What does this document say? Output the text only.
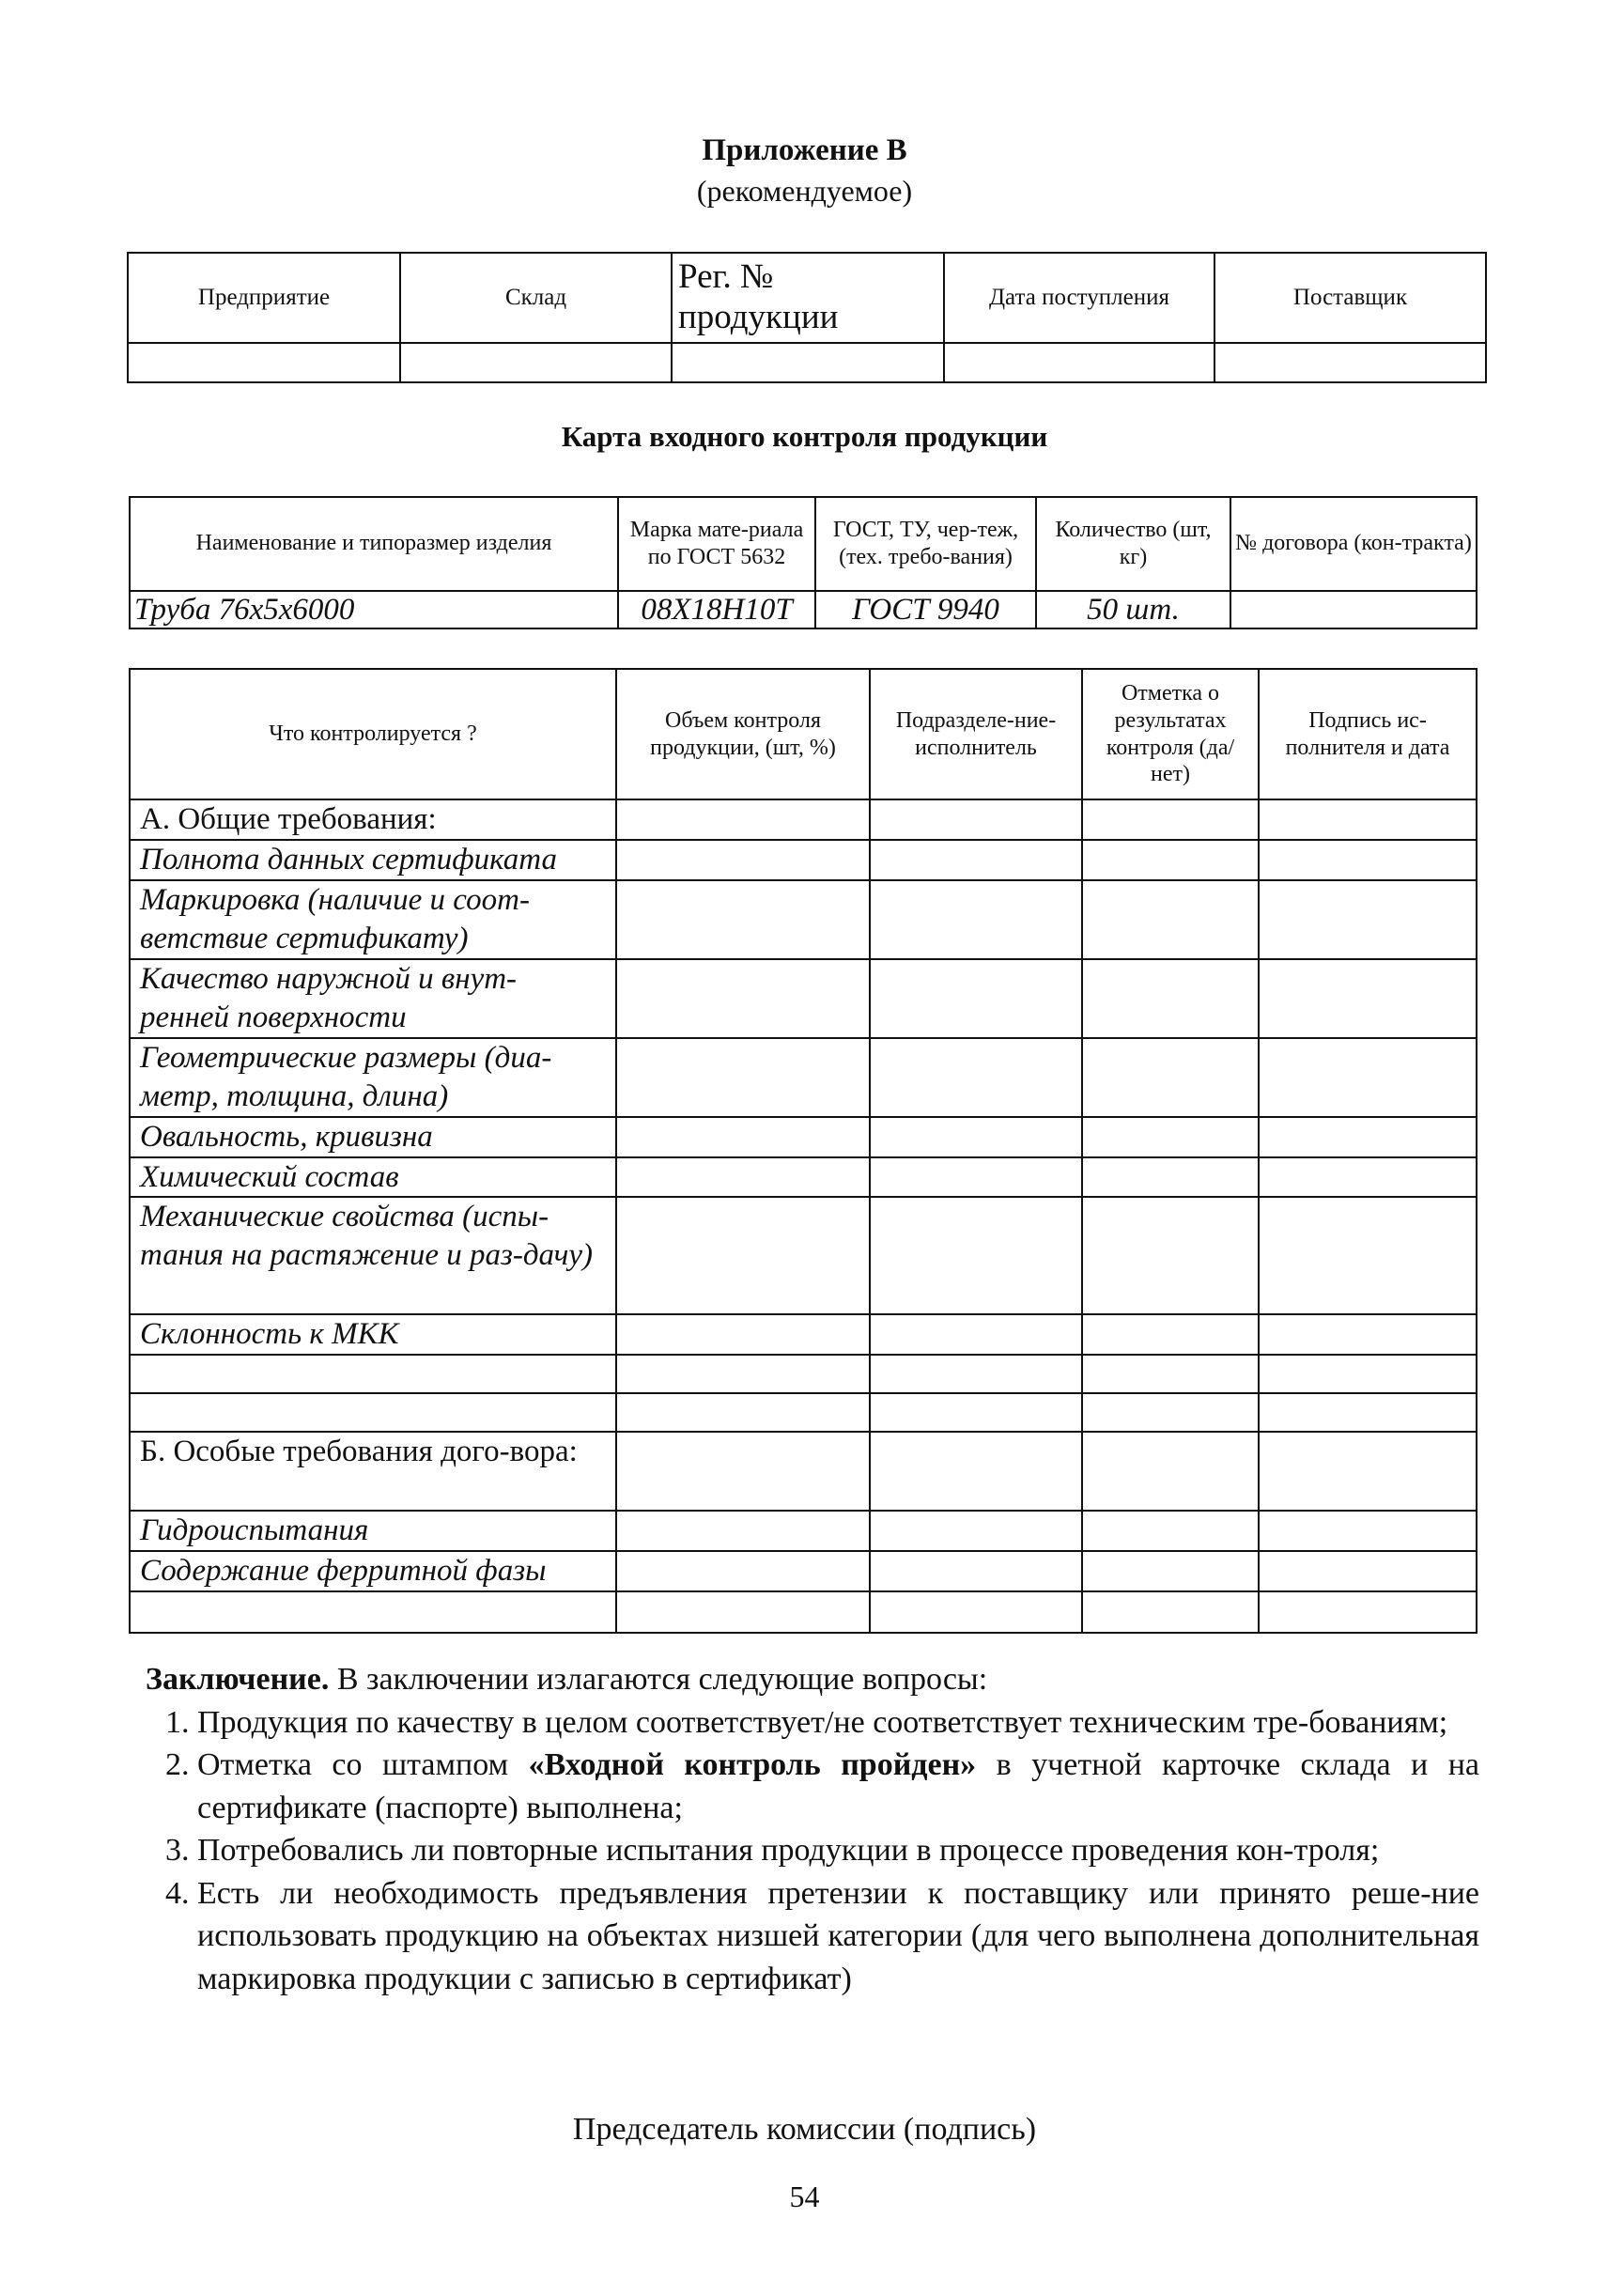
Приложение В
(рекомендуемое)
Предприятие	Склад	Рег. № продукции	Дата поступления	Поставщик

Карта входного контроля продукции
Наименование и типоразмер изделия	Марка мате-риала по ГОСТ 5632	ГОСТ, ТУ, чер-теж, (тех. требо-вания)	Количество (шт, кг)	№ договора (кон-тракта)
Труба 76х5х6000	08Х18Н10Т	ГОСТ 9940	50 шт.	
Что контролируется ?	Объем контроля продукции, (шт, %)	Подразделе-ние-исполнитель	Отметка о результатах контроля (да/нет)	Подпись ис-полнителя и дата
А. Общие требования:				
Полнота данных сертификата				
Маркировка (наличие и соот-ветствие сертификату)				
Качество наружной и внут-ренней поверхности				
Геометрические размеры (диа-метр, толщина, длина)				
Овальность, кривизна				
Химический состав				
Механические свойства (испы-тания на растяжение и раз-дачу)				
Склонность к МКК				

Б. Особые требования дого-вора:				
Гидроиспытания				
Содержание ферритной фазы				

Заключение. В заключении излагаются следующие вопросы:

1. Продукция по качеству в целом соответствует/не соответствует техническим тре-бованиям;
2. Отметка со штампом «Входной контроль пройден» в учетной карточке склада и на сертификате (паспорте) выполнена;
3. Потребовались ли повторные испытания продукции в процессе проведения кон-троля;
4. Есть ли необходимость предъявления претензии к поставщику или принято реше-ние использовать продукцию на объектах низшей категории (для чего выполнена дополнительная маркировка продукции с записью в сертификат)
Председатель комиссии (подпись)
54
